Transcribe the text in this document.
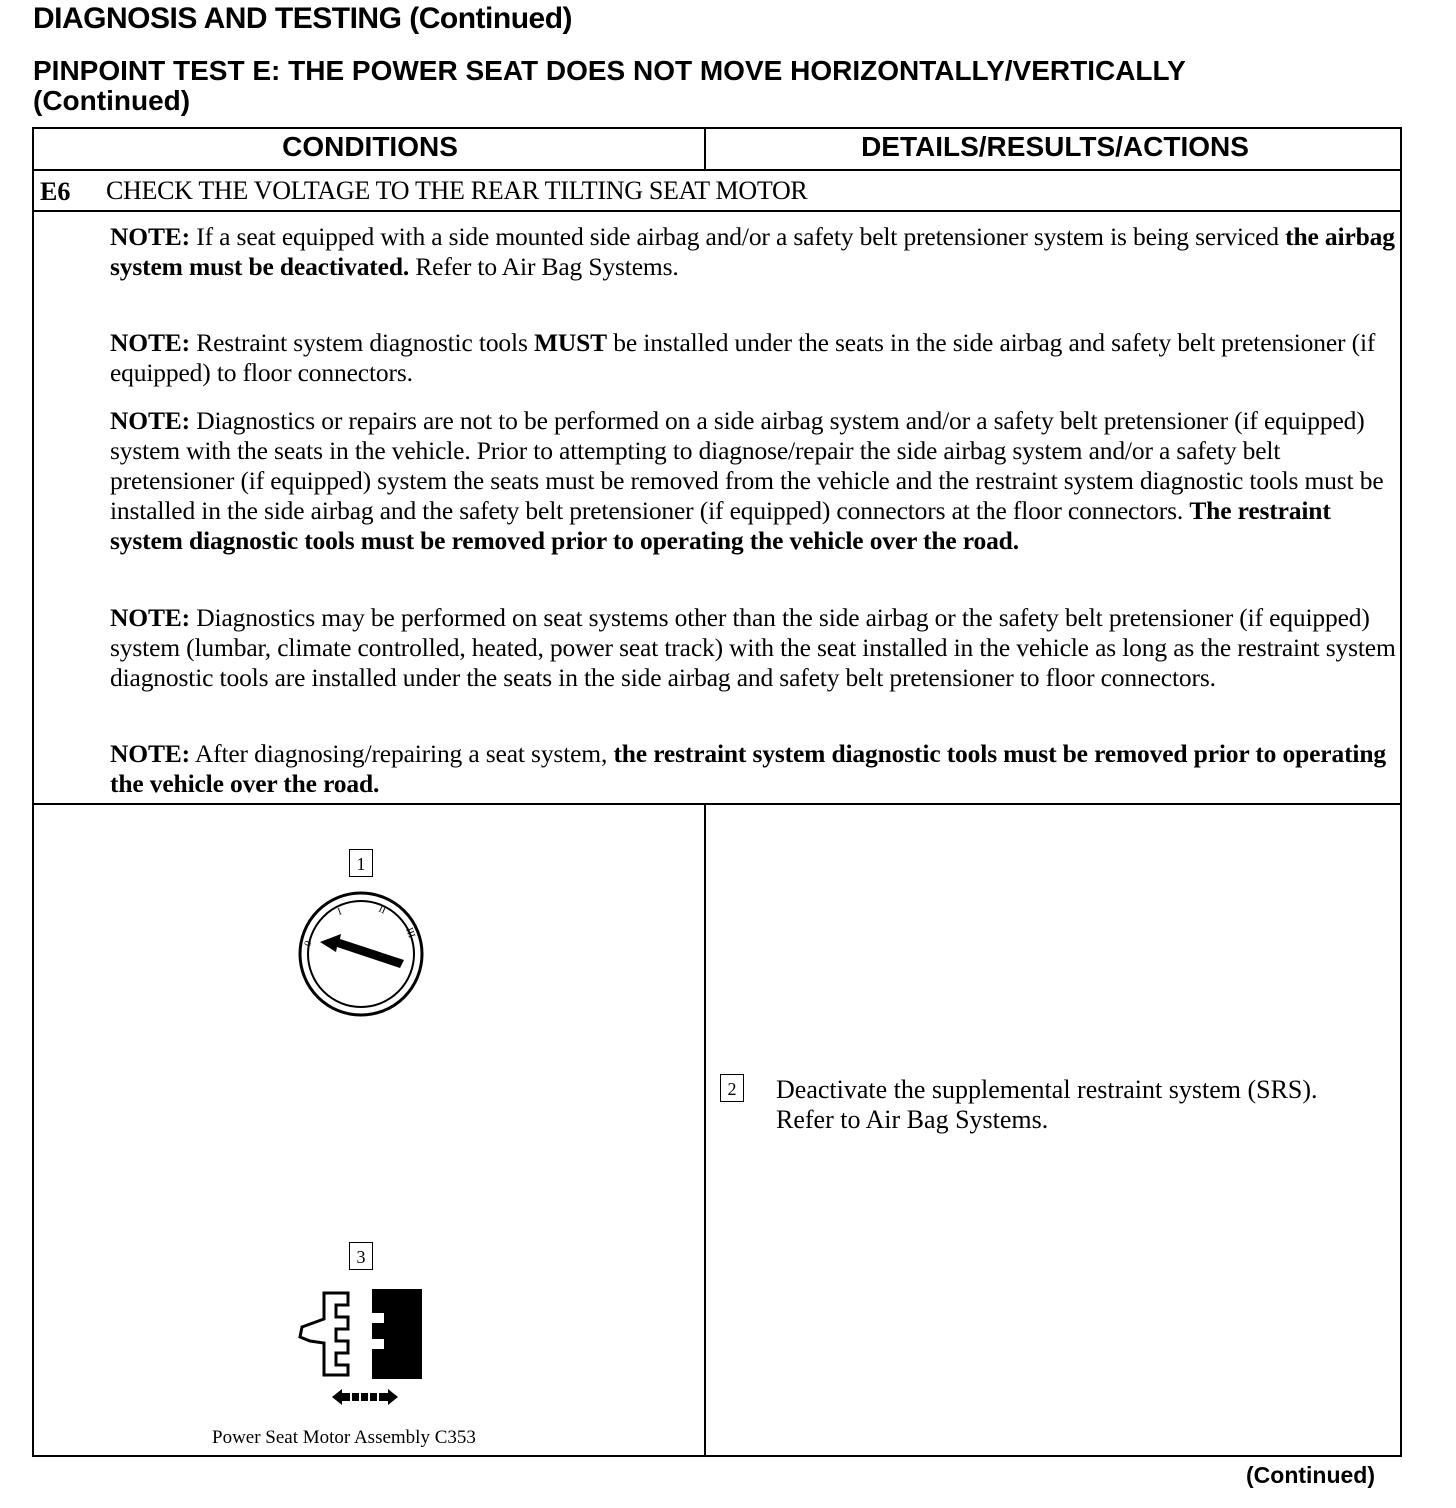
DIAGNOSIS AND TESTING (Continued)
PINPOINT TEST E: THE POWER SEAT DOES NOT MOVE HORIZONTALLY/VERTICALLY
(Continued)
CONDITIONS	DETAILS/RESULTS/ACTIONS
E6 CHECK THE VOLTAGE TO THE REAR TILTING SEAT MOTOR

NOTE: If a seat equipped with a side mounted side airbag and/or a safety belt pretensioner system is being serviced the airbag system must be deactivated. Refer to Air Bag Systems.

NOTE: Restraint system diagnostic tools MUST be installed under the seats in the side airbag and safety belt pretensioner (if equipped) to floor connectors.

NOTE: Diagnostics or repairs are not to be performed on a side airbag system and/or a safety belt pretensioner (if equipped) system with the seats in the vehicle. Prior to attempting to diagnose/repair the side airbag system and/or a safety belt pretensioner (if equipped) system the seats must be removed from the vehicle and the restraint system diagnostic tools must be installed in the side airbag and the safety belt pretensioner (if equipped) connectors at the floor connectors. The restraint system diagnostic tools must be removed prior to operating the vehicle over the road.

NOTE: Diagnostics may be performed on seat systems other than the side airbag or the safety belt pretensioner (if equipped) system (lumbar, climate controlled, heated, power seat track) with the seat installed in the vehicle as long as the restraint system diagnostic tools are installed under the seats in the side airbag and safety belt pretensioner to floor connectors.

NOTE: After diagnosing/repairing a seat system, the restraint system diagnostic tools must be removed prior to operating the vehicle over the road.

1
0
I	II
III
3
Power Seat Motor Assembly C353
2 Deactivate the supplemental restraint system (SRS). Refer to Air Bag Systems.

(Continued)
